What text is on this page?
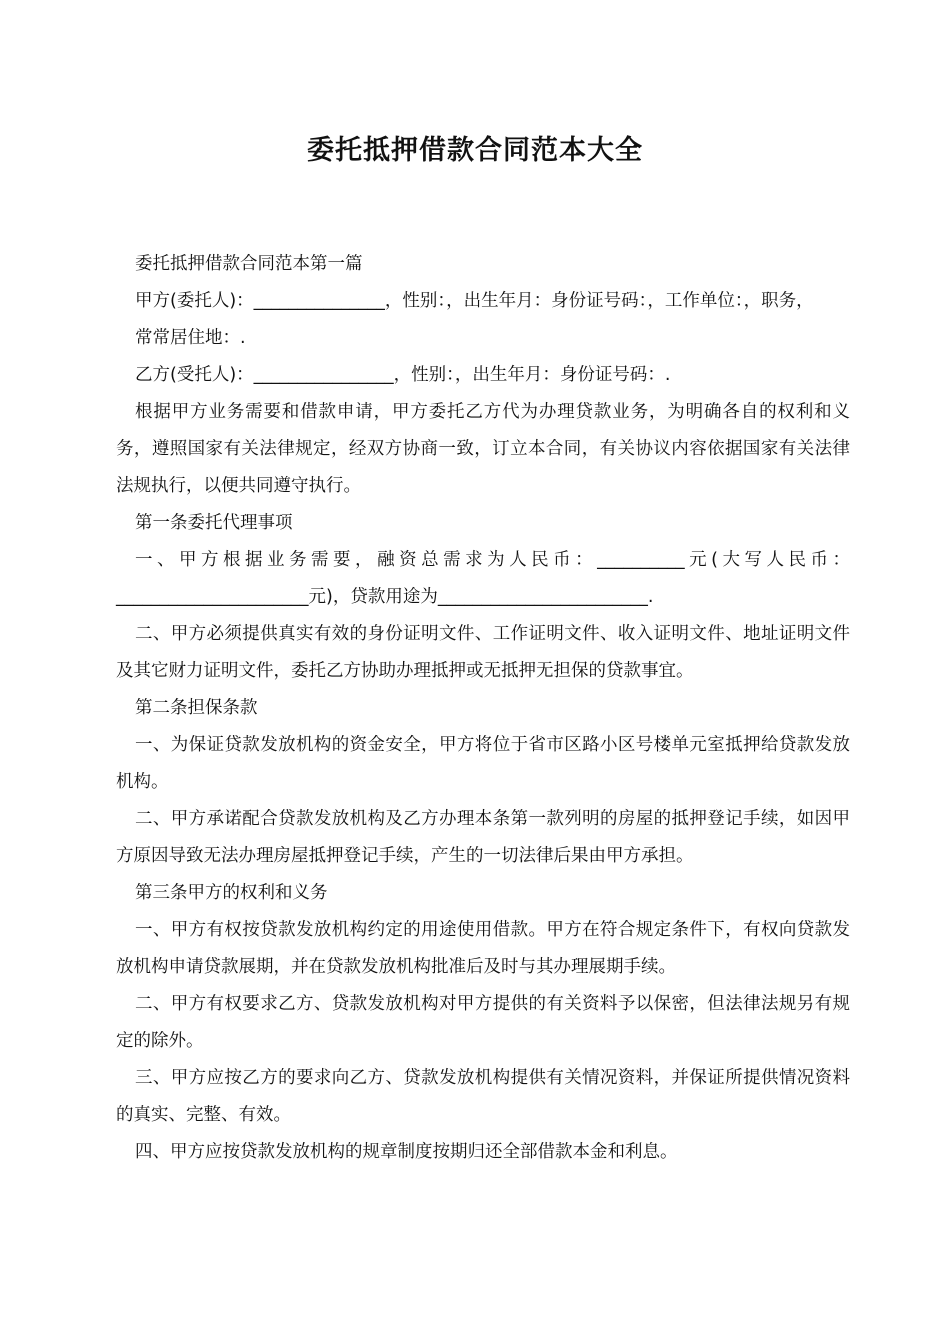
委托抵押借款合同范本大全

委托抵押借款合同范本第一篇

甲方(委托人)：_______________，性别：，出生年月：身份证号码：，工作单位：，职务，

常常居住地：.

乙方(受托人)：________________，性别：，出生年月：身份证号码：.

根据甲方业务需要和借款申请，甲方委托乙方代为办理贷款业务，为明确各自的权利和义务，遵照国家有关法律规定，经双方协商一致，订立本合同，有关协议内容依据国家有关法律法规执行，以便共同遵守执行。

第一条委托代理事项

一、甲方根据业务需要，融资总需求为人民币：__________元(大写人民币：______________________元)，贷款用途为________________________.

二、甲方必须提供真实有效的身份证明文件、工作证明文件、收入证明文件、地址证明文件及其它财力证明文件，委托乙方协助办理抵押或无抵押无担保的贷款事宜。

第二条担保条款

一、为保证贷款发放机构的资金安全，甲方将位于省市区路小区号楼单元室抵押给贷款发放机构。

二、甲方承诺配合贷款发放机构及乙方办理本条第一款列明的房屋的抵押登记手续，如因甲方原因导致无法办理房屋抵押登记手续，产生的一切法律后果由甲方承担。

第三条甲方的权利和义务

一、甲方有权按贷款发放机构约定的用途使用借款。甲方在符合规定条件下，有权向贷款发放机构申请贷款展期，并在贷款发放机构批准后及时与其办理展期手续。

二、甲方有权要求乙方、贷款发放机构对甲方提供的有关资料予以保密，但法律法规另有规定的除外。

三、甲方应按乙方的要求向乙方、贷款发放机构提供有关情况资料，并保证所提供情况资料的真实、完整、有效。

四、甲方应按贷款发放机构的规章制度按期归还全部借款本金和利息。
